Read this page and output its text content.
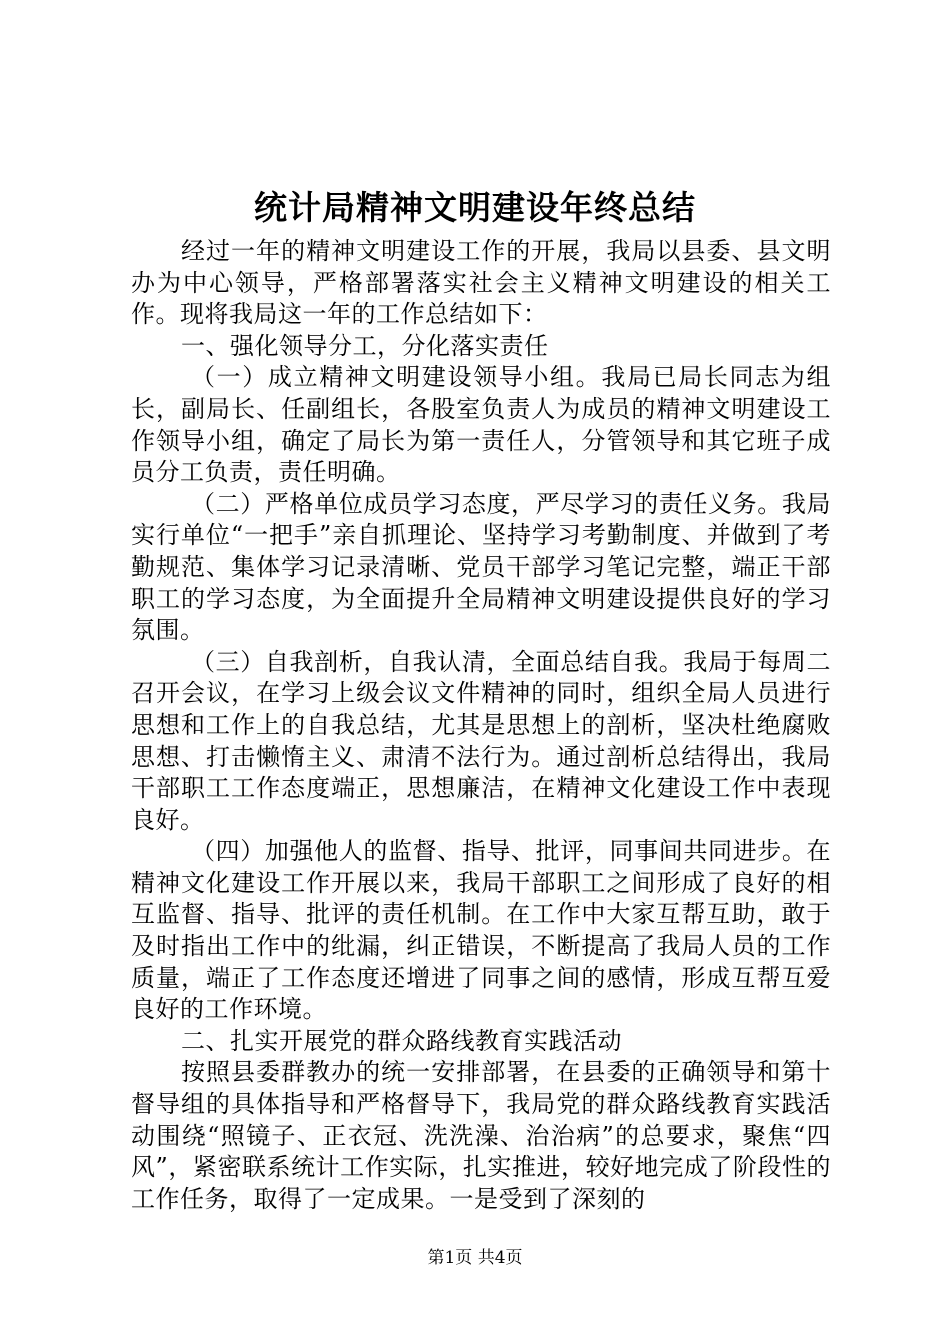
统计局精神文明建设年终总结

经过一年的精神文明建设工作的开展，我局以县委、县文明办为中心领导，严格部署落实社会主义精神文明建设的相关工作。现将我局这一年的工作总结如下：

一、强化领导分工，分化落实责任

（一）成立精神文明建设领导小组。我局已局长同志为组长，副局长、任副组长，各股室负责人为成员的精神文明建设工作领导小组，确定了局长为第一责任人，分管领导和其它班子成员分工负责，责任明确。

（二）严格单位成员学习态度，严尽学习的责任义务。我局实行单位“一把手”亲自抓理论、坚持学习考勤制度、并做到了考勤规范、集体学习记录清晰、党员干部学习笔记完整，端正干部职工的学习态度，为全面提升全局精神文明建设提供良好的学习氛围。

（三）自我剖析，自我认清，全面总结自我。我局于每周二召开会议，在学习上级会议文件精神的同时，组织全局人员进行思想和工作上的自我总结，尤其是思想上的剖析，坚决杜绝腐败思想、打击懒惰主义、肃清不法行为。通过剖析总结得出，我局干部职工工作态度端正，思想廉洁，在精神文化建设工作中表现良好。

（四）加强他人的监督、指导、批评，同事间共同进步。在精神文化建设工作开展以来，我局干部职工之间形成了良好的相互监督、指导、批评的责任机制。在工作中大家互帮互助，敢于及时指出工作中的纰漏，纠正错误，不断提高了我局人员的工作质量，端正了工作态度还增进了同事之间的感情，形成互帮互爱良好的工作环境。

二、扎实开展党的群众路线教育实践活动

按照县委群教办的统一安排部署，在县委的正确领导和第十督导组的具体指导和严格督导下，我局党的群众路线教育实践活动围绕“照镜子、正衣冠、洗洗澡、治治病”的总要求，聚焦“四风”，紧密联系统计工作实际，扎实推进，较好地完成了阶段性的工作任务，取得了一定成果。一是受到了深刻的

第1页 共4页
